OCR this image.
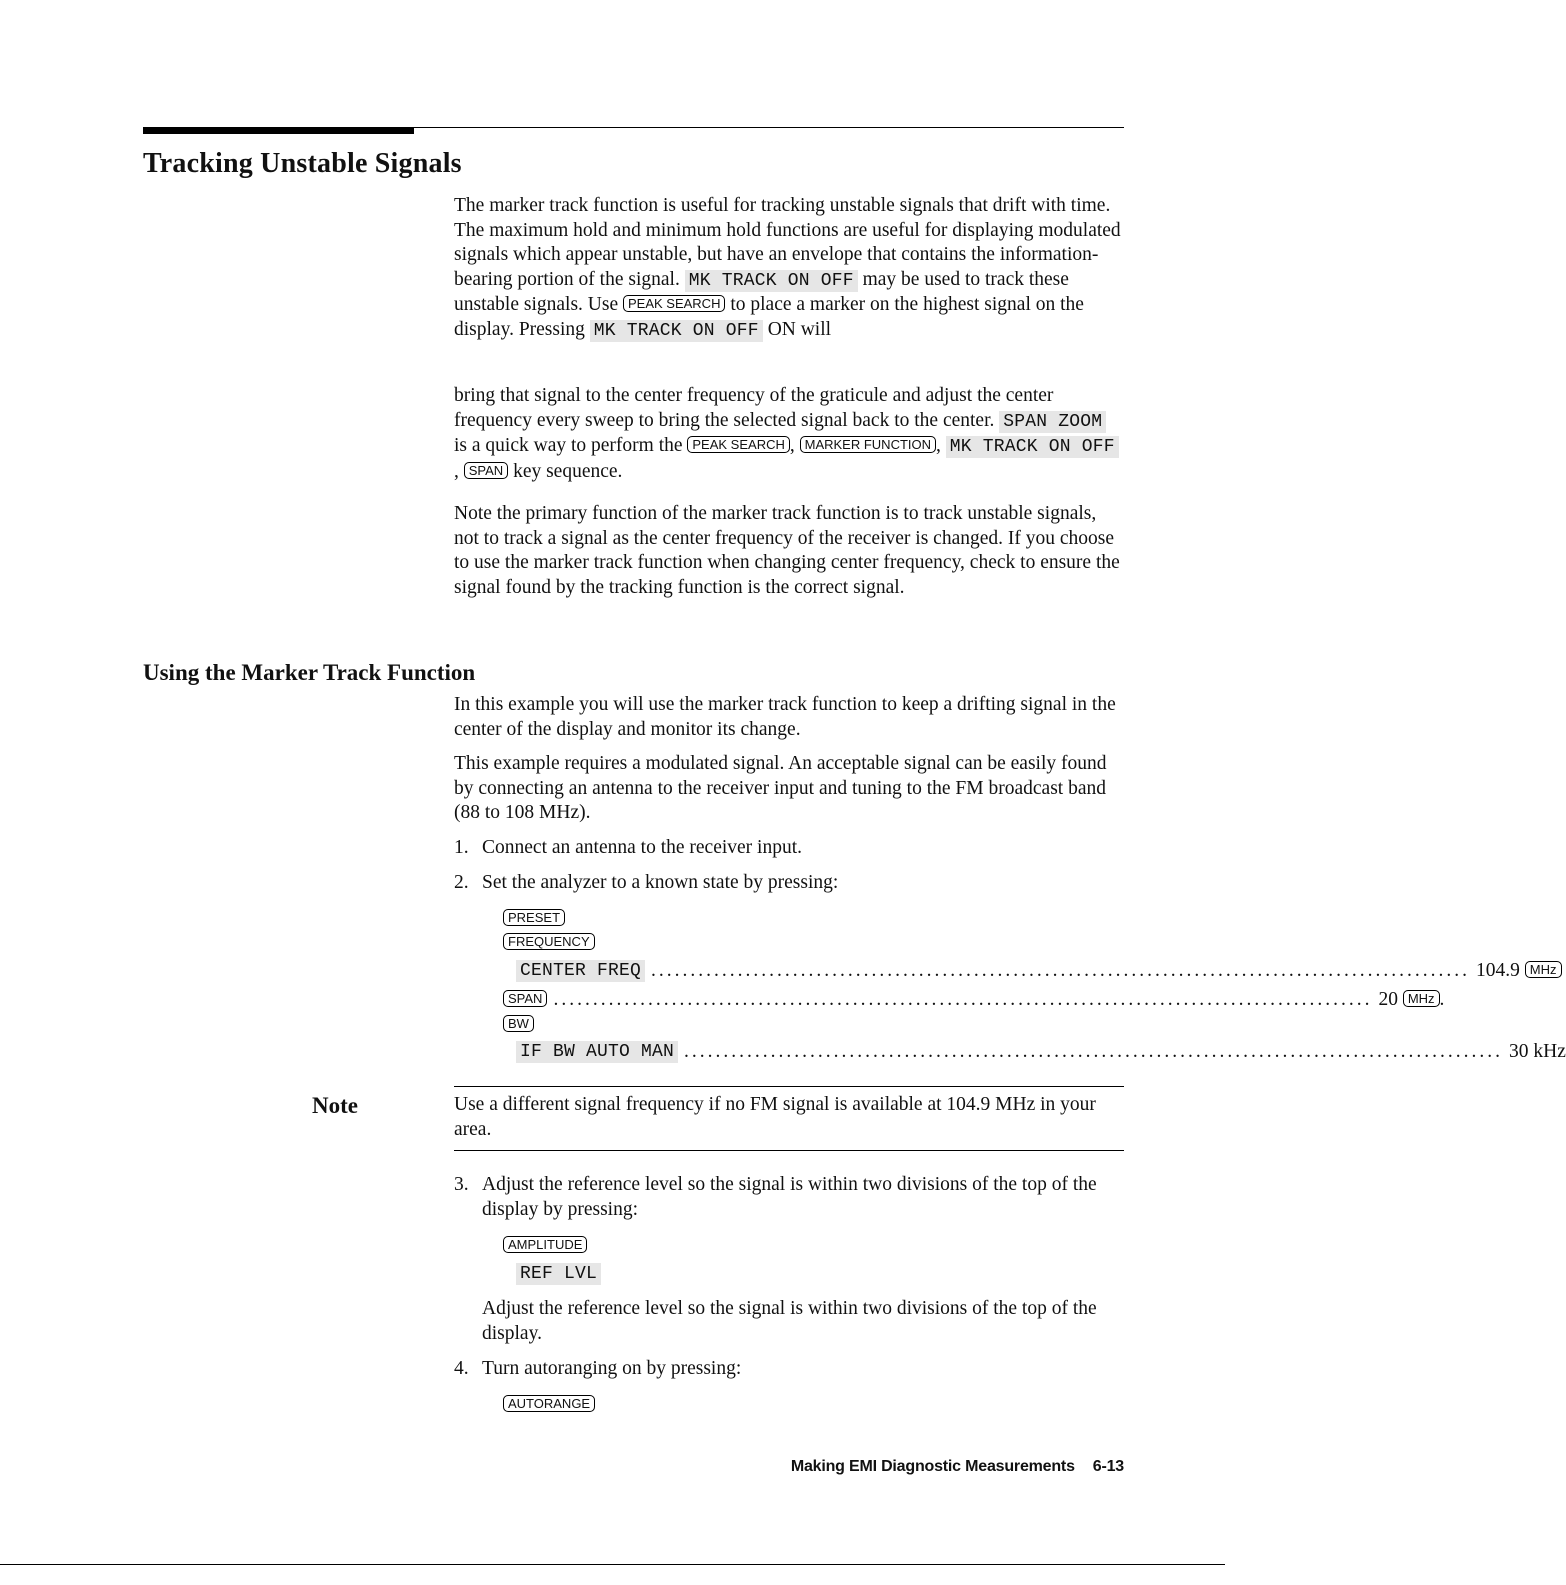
Tracking Unstable Signals

The marker track function is useful for tracking unstable signals that drift with time. The maximum hold and minimum hold functions are useful for displaying modulated signals which appear unstable, but have an envelope that contains the information-bearing portion of the signal. MK TRACK ON OFF may be used to track these unstable signals. Use PEAK SEARCH to place a marker on the highest signal on the display. Pressing MK TRACK ON OFF ON will

bring that signal to the center frequency of the graticule and adjust the center frequency every sweep to bring the selected signal back to the center. SPAN ZOOM is a quick way to perform the PEAK SEARCH , MARKER FUNCTION , MK TRACK ON OFF , SPAN key sequence.

Note the primary function of the marker track function is to track unstable signals, not to track a signal as the center frequency of the receiver is changed. If you choose to use the marker track function when changing center frequency, check to ensure the signal found by the tracking function is the correct signal.

Using the Marker Track Function

In this example you will use the marker track function to keep a drifting signal in the center of the display and monitor its change.

This example requires a modulated signal. An acceptable signal can be easily found by connecting an antenna to the receiver input and tuning to the FM broadcast band (88 to 108 MHz).

1. Connect an antenna to the receiver input.
2. Set the analyzer to a known state by pressing:
PRESET
FREQUENCY
CENTER FREQ ........................................................................................................ 104.9 MHz
SPAN ........................................................................................................ 20 MHz .
BW
IF BW AUTO MAN ........................................................................................................ 30 kHz
Note	Use a different signal frequency if no FM signal is available at 104.9 MHz in your area.

3. Adjust the reference level so the signal is within two divisions of the top of the display by pressing:
AMPLITUDE
REF LVL
Adjust the reference level so the signal is within two divisions of the top of the display.
4. Turn autoranging on by pressing:
AUTORANGE
Making EMI Diagnostic Measurements 6-13
